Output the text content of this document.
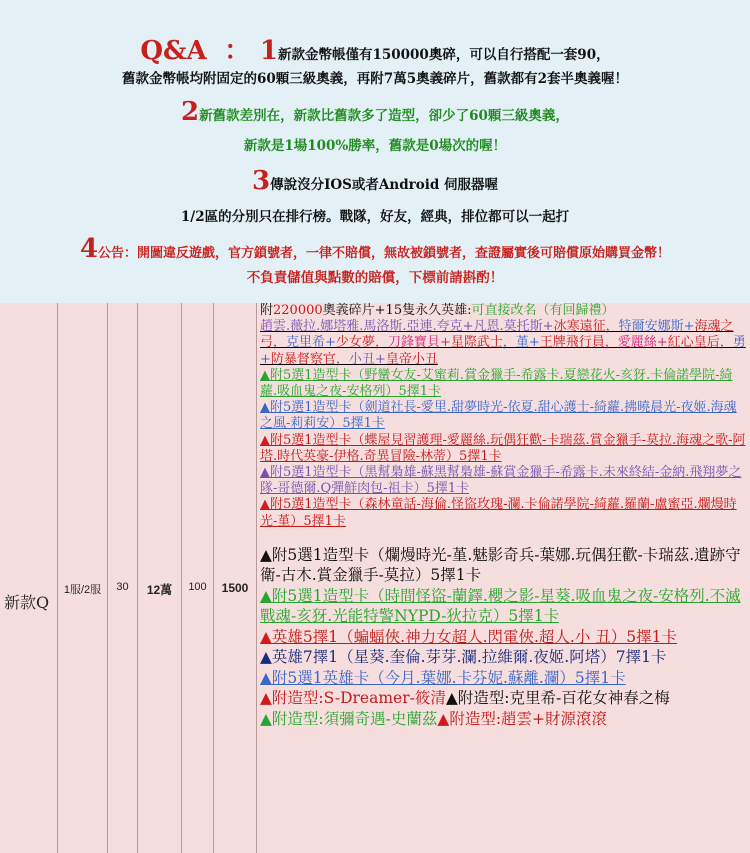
Q&A ： 1新款金幣帳僅有150000奧碎，可以自行搭配一套90，
舊款金幣帳均附固定的60顆三級奧義，再附7萬5奧義碎片，舊款都有2套半奧義喔！
2新舊款差別在，新款比舊款多了造型，卻少了60顆三級奧義，
新款是1場100%勝率，舊款是0場次的喔！
3傳說沒分IOS或者Android 伺服器喔
1/2區的分別只在排行榜。戰隊，好友，經典，排位都可以一起打
4公告：開圖違反遊戲，官方鎖號者，一律不賠償，無故被鎖號者，查證屬實後可賠償原始購買金幣！
不負責儲值與點數的賠償，下標前請斟酌！
新款Q
1服/2服	30	12萬	100	1500
附220000奧義碎片+15隻永久英雄:可直接改名（有回歸禮）
趙雲.薇拉.娜塔雅.馬洛斯.亞連.夸克+凡恩.莫托斯+冰寒遠征，特爾安娜斯+海魂之弓，克里希+少女夢，刀鋒寶貝+星際武士，堇+王牌飛行員，愛麗絲+紅心皇后，勇+防暴督察官，小丑+皇帝小丑
▲附5選1造型卡（野蠻女友-艾蜜莉.賞金獵手-希露卡.夏戀花火-亥犽.卡倫諾學院-綺蘿.吸血鬼之夜-安格列）5擇1卡
▲附5選1造型卡（劍道社長-愛里.甜夢時光-依夏.甜心護士-綺蘿.拂曉晨光-夜姬.海魂之風-莉莉安）5擇1卡
▲附5選1造型卡（蝶屋見習護理-愛麗絲.玩偶狂歡-卡瑞茲.賞金獵手-莫拉.海魂之歌-阿塔.時代英豪-伊格.奇異冒險-林蒂）5擇1卡
▲附5選1造型卡（黑幫梟雄-蘇黑幫梟雄-蘇賞金獵手-希露卡.未來終結-金納.飛翔夢之隊-哥德爾.Q彈鮮肉包-祖卡）5擇1卡
▲附5選1造型卡（森林童話-海倫.怪盜玫瑰-瀾.卡倫諾學院-綺蘿.羅蘭-盧蜜亞.爛熳時光-堇）5擇1卡
▲附5選1造型卡（爛熳時光-堇.魅影奇兵-葉娜.玩偶狂歡-卡瑞茲.遺跡守衛-古木.賞金獵手-莫拉）5擇1卡
▲附5選1造型卡（時間怪盜-蘭鐸.櫻之影-星葵.吸血鬼之夜-安格列.不滅戰魂-亥犽.光能特警NYPD-狄拉克）5擇1卡
▲英雄5擇1（蝙蝠俠.神力女超人.閃電俠.超人.小 丑）5擇1卡
▲英雄7擇1（星葵.奎倫.芽芽.瀾.拉維爾.夜姬.阿塔）7擇1卡
▲附5選1英雄卡（今月.葉娜.卡芬妮.蘇離.瀾）5擇1卡
▲附造型:S-Dreamer-筱清▲附造型:克里希-百花女神春之梅
▲附造型:須彌奇遇-史蘭茲▲附造型:趙雲+財源滾滾
